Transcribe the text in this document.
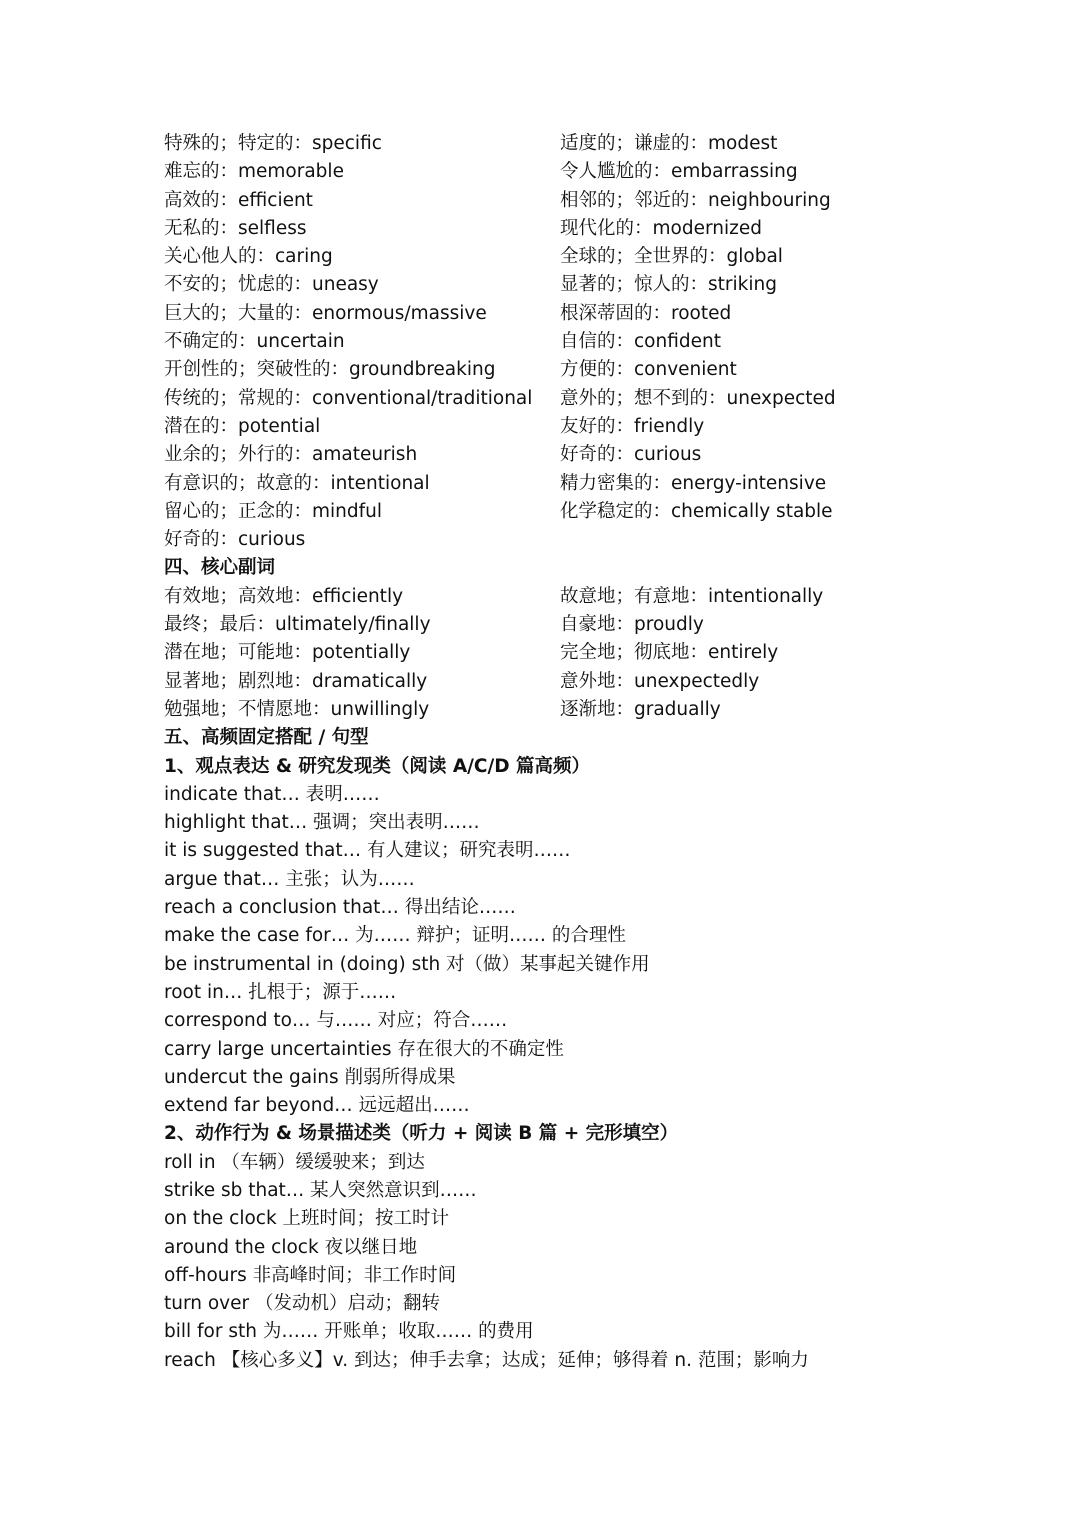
特殊的；特定的：specific	适度的；谦虚的：modest
难忘的：memorable	令人尴尬的：embarrassing
高效的：efficient	相邻的；邻近的：neighbouring
无私的：selfless	现代化的：modernized
关心他人的：caring	全球的；全世界的：global
不安的；忧虑的：uneasy	显著的；惊人的：striking
巨大的；大量的：enormous/massive	根深蒂固的：rooted
不确定的：uncertain	自信的：confident
开创性的；突破性的：groundbreaking	方便的：convenient
传统的；常规的：conventional/traditional 意外的；想不到的：unexpected
潜在的：potential	友好的：friendly
业余的；外行的：amateurish	好奇的：curious
有意识的；故意的：intentional	精力密集的：energy-intensive
留心的；正念的：mindful	化学稳定的：chemically stable
好奇的：curious
四、核心副词
有效地；高效地：efficiently	故意地；有意地：intentionally
最终；最后：ultimately/finally	自豪地：proudly
潜在地；可能地：potentially	完全地；彻底地：entirely
显著地；剧烈地：dramatically	意外地：unexpectedly
勉强地；不情愿地：unwillingly	逐渐地：gradually
五、高频固定搭配 / 句型
1、观点表达 & 研究发现类（阅读 A/C/D 篇高频）
indicate that… 表明……
highlight that… 强调；突出表明……
it is suggested that… 有人建议；研究表明……
argue that… 主张；认为……
reach a conclusion that… 得出结论……
make the case for… 为…… 辩护；证明…… 的合理性
be instrumental in (doing) sth 对（做）某事起关键作用
root in… 扎根于；源于……
correspond to… 与…… 对应；符合……
carry large uncertainties 存在很大的不确定性
undercut the gains 削弱所得成果
extend far beyond… 远远超出……
2、动作行为 & 场景描述类（听力 + 阅读 B 篇 + 完形填空）
roll in （车辆）缓缓驶来；到达
strike sb that… 某人突然意识到……
on the clock 上班时间；按工时计
around the clock 夜以继日地
off-hours 非高峰时间；非工作时间
turn over （发动机）启动；翻转
bill for sth 为…… 开账单；收取…… 的费用
reach 【核心多义】v. 到达；伸手去拿；达成；延伸；够得着 n. 范围；影响力
